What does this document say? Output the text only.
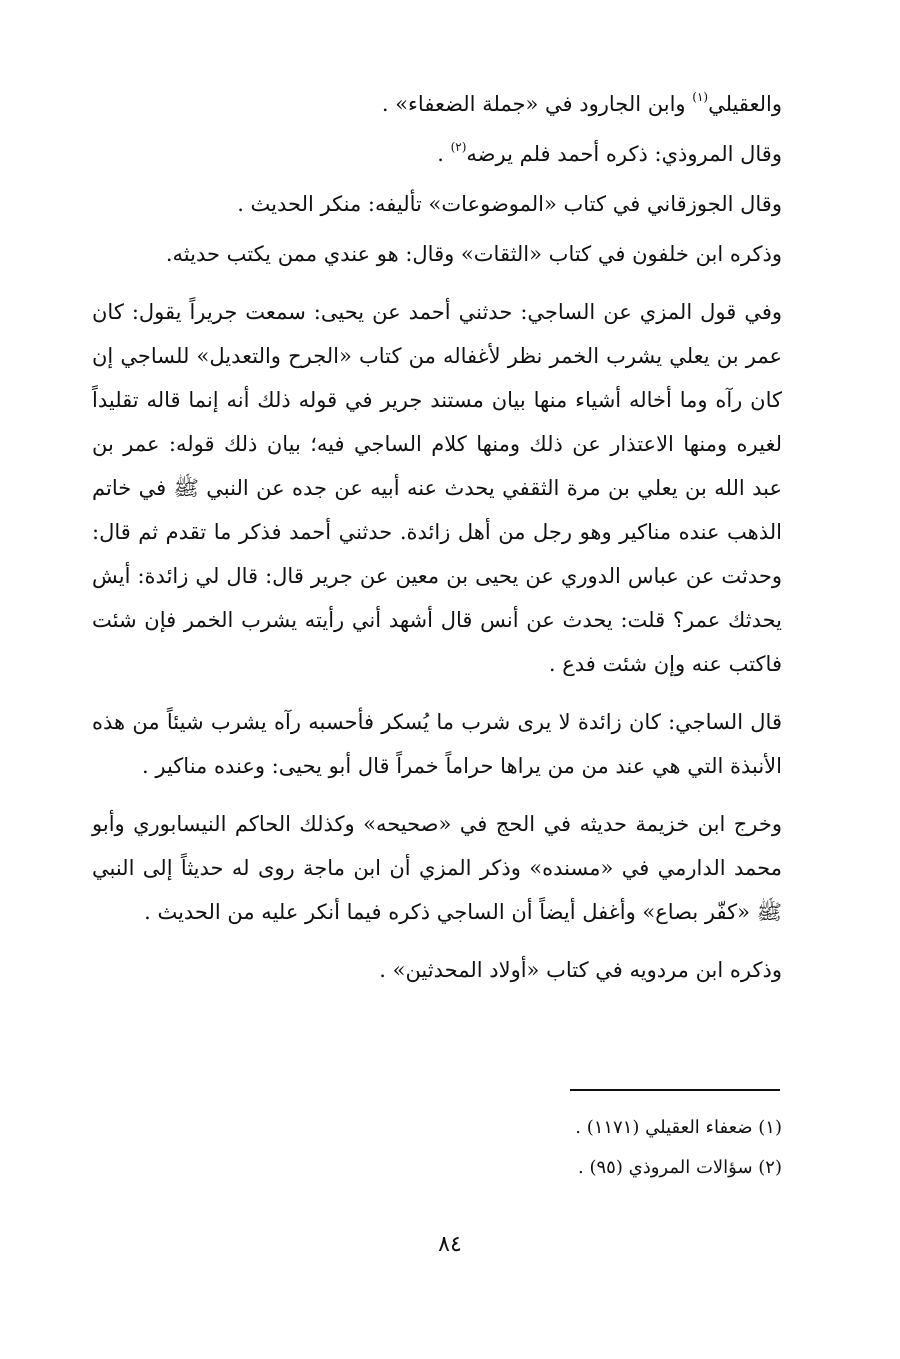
والعقيلي$^{(١)}$ وابن الجارود في «جملة الضعفاء» .

وقال المروذي: ذكره أحمد فلم يرضه$^{(٢)}$ .

وقال الجوزقاني في كتاب «الموضوعات» تأليفه: منكر الحديث .

وذكره ابن خلفون في كتاب «الثقات» وقال: هو عندي ممن يكتب حديثه.

وفي قول المزي عن الساجي: حدثني أحمد عن يحيى: سمعت جريراً يقول: كان عمر بن يعلي يشرب الخمر نظر لأغفاله من كتاب «الجرح والتعديل» للساجي إن كان رآه وما أخاله أشياء منها بيان مستند جرير في قوله ذلك أنه إنما قاله تقليداً لغيره ومنها الاعتذار عن ذلك ومنها كلام الساجي فيه؛ بيان ذلك قوله: عمر بن عبد الله بن يعلي بن مرة الثقفي يحدث عنه أبيه عن جده عن النبي ﷺ في خاتم الذهب عنده مناكير وهو رجل من أهل زائدة. حدثني أحمد فذكر ما تقدم ثم قال: وحدثت عن عباس الدوري عن يحيى بن معين عن جرير قال: قال لي زائدة: أيش يحدثك عمر؟ قلت: يحدث عن أنس قال أشهد أني رأيته يشرب الخمر فإن شئت فاكتب عنه وإن شئت فدع .

قال الساجي: كان زائدة لا يرى شرب ما يُسكر فأحسبه رآه يشرب شيئاً من هذه الأنبذة التي هي عند من من يراها حراماً خمراً قال أبو يحيى: وعنده مناكير .

وخرج ابن خزيمة حديثه في الحج في «صحيحه» وكذلك الحاكم النيسابوري وأبو محمد الدارمي في «مسنده» وذكر المزي أن ابن ماجة روى له حديثاً إلى النبي ﷺ «كفّر بصاع» وأغفل أيضاً أن الساجي ذكره فيما أنكر عليه من الحديث .

وذكره ابن مردويه في كتاب «أولاد المحدثين» .

(١) ضعفاء العقيلي (١١٧١) .

(٢) سؤالات المروذي (٩٥) .

٨٤
